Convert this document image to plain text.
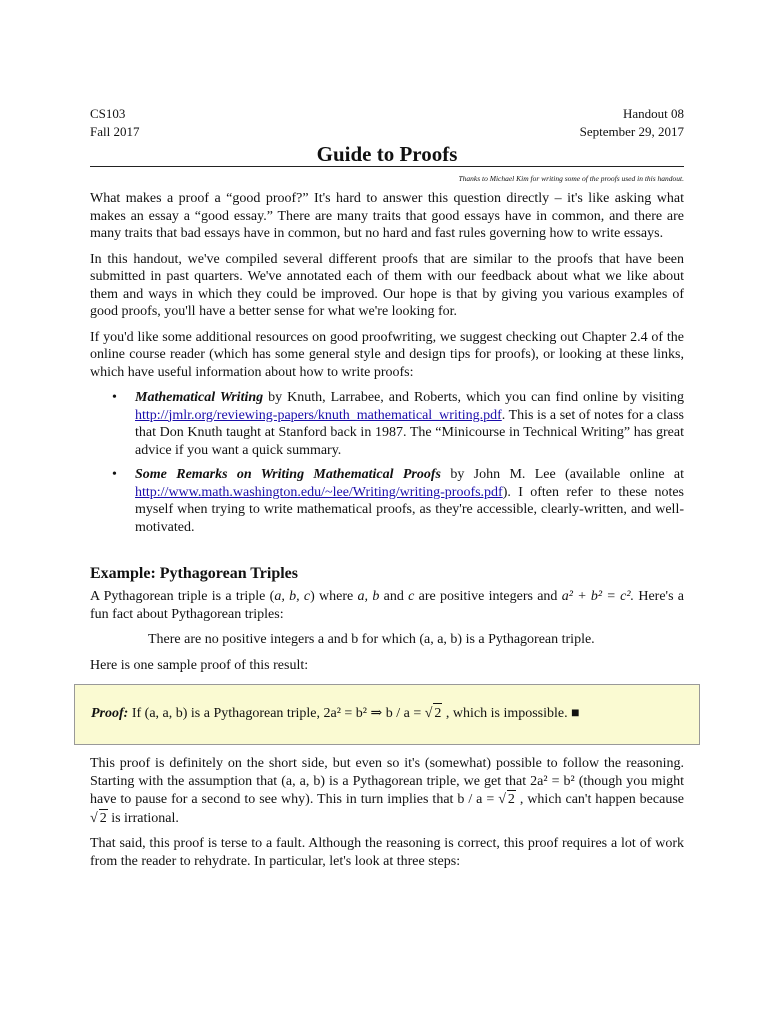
CS103
Fall 2017
Handout 08
September 29, 2017
Guide to Proofs
Thanks to Michael Kim for writing some of the proofs used in this handout.

What makes a proof a “good proof?” It's hard to answer this question directly – it's like asking what makes an essay a “good essay.” There are many traits that good essays have in common, and there are many traits that bad essays have in common, but no hard and fast rules governing how to write essays.

In this handout, we've compiled several different proofs that are similar to the proofs that have been submitted in past quarters. We've annotated each of them with our feedback about what we like about them and ways in which they could be improved. Our hope is that by giving you various examples of good proofs, you'll have a better sense for what we're looking for.

If you'd like some additional resources on good proofwriting, we suggest checking out Chapter 2.4 of the online course reader (which has some general style and design tips for proofs), or looking at these links, which have useful information about how to write proofs:

• Mathematical Writing by Knuth, Larrabee, and Roberts, which you can find online by visiting http://jmlr.org/reviewing-papers/knuth_mathematical_writing.pdf. This is a set of notes for a class that Don Knuth taught at Stanford back in 1987. The “Minicourse in Technical Writing” has great advice if you want a quick summary.
• Some Remarks on Writing Mathematical Proofs by John M. Lee (available online at http://www.math.washington.edu/~lee/Writing/writing-proofs.pdf). I often refer to these notes myself when trying to write mathematical proofs, as they're accessible, clearly-written, and well-motivated.
Example: Pythagorean Triples

A Pythagorean triple is a triple (a, b, c) where a, b and c are positive integers and a² + b² = c². Here's a fun fact about Pythagorean triples:

There are no positive integers a and b for which (a, a, b) is a Pythagorean triple.

Here is one sample proof of this result:

Proof: If (a, a, b) is a Pythagorean triple, 2a² = b² ⇒ b / a = √ 2 , which is impossible. ■

This proof is definitely on the short side, but even so it's (somewhat) possible to follow the reasoning. Starting with the assumption that (a, a, b) is a Pythagorean triple, we get that 2a² = b² (though you might have to pause for a second to see why). This in turn implies that b / a = √ 2 , which can't happen because √ 2 is irrational.

That said, this proof is terse to a fault. Although the reasoning is correct, this proof requires a lot of work from the reader to rehydrate. In particular, let's look at three steps:
